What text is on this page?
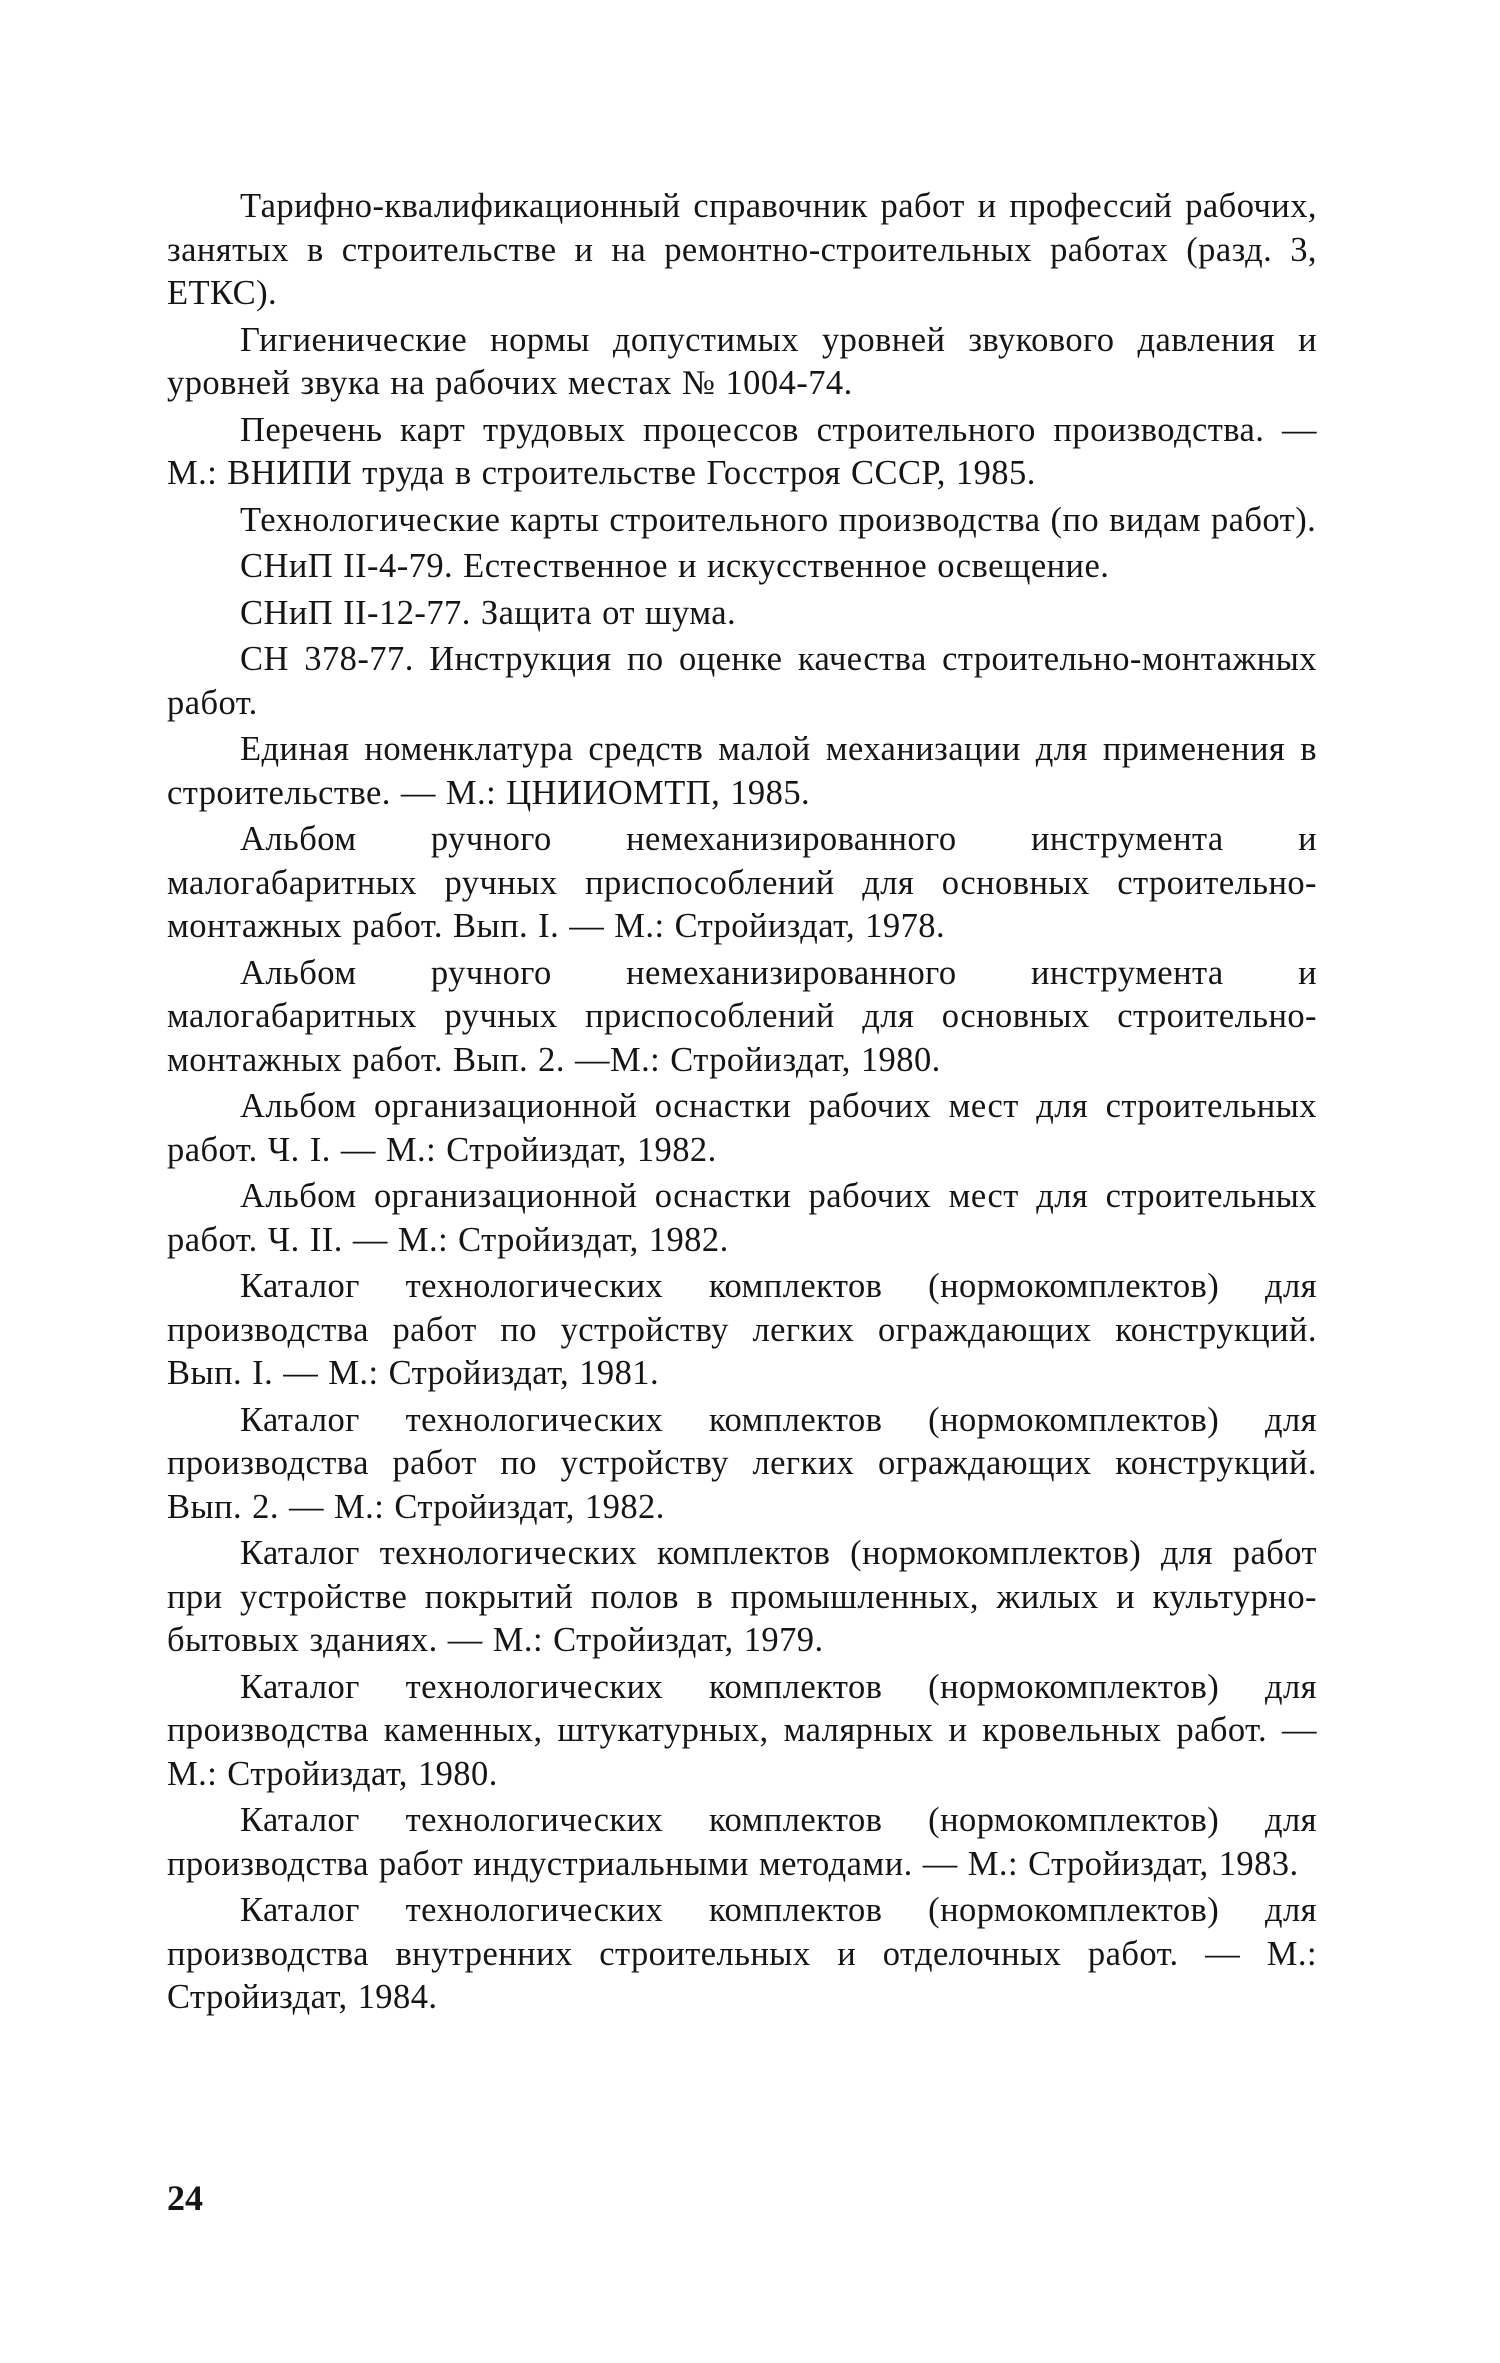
Тарифно-квалификационный справочник работ и профессий рабочих, занятых в строительстве и на ремонтно-строительных работах (разд. 3, ЕТКС).

Гигиенические нормы допустимых уровней звукового давления и уровней звука на рабочих местах № 1004-74.

Перечень карт трудовых процессов строительного производства. — М.: ВНИПИ труда в строительстве Госстроя СССР, 1985.

Технологические карты строительного производства (по видам работ).

СНиП II-4-79. Естественное и искусственное освещение.

СНиП II-12-77. Защита от шума.

СН 378-77. Инструкция по оценке качества строительно-монтажных работ.

Единая номенклатура средств малой механизации для применения в строительстве. — М.: ЦНИИОМТП, 1985.

Альбом ручного немеханизированного инструмента и малогабаритных ручных приспособлений для основных строительно-монтажных работ. Вып. I. — М.: Стройиздат, 1978.

Альбом ручного немеханизированного инструмента и малогабаритных ручных приспособлений для основных строительно-монтажных работ. Вып. 2. —М.: Стройиздат, 1980.

Альбом организационной оснастки рабочих мест для строительных работ. Ч. I. — М.: Стройиздат, 1982.

Альбом организационной оснастки рабочих мест для строительных работ. Ч. II. — М.: Стройиздат, 1982.

Каталог технологических комплектов (нормокомплектов) для производства работ по устройству легких ограждающих конструкций. Вып. I. — М.: Стройиздат, 1981.

Каталог технологических комплектов (нормокомплектов) для производства работ по устройству легких ограждающих конструкций. Вып. 2. — М.: Стройиздат, 1982.

Каталог технологических комплектов (нормокомплектов) для работ при устройстве покрытий полов в промышленных, жилых и культурно-бытовых зданиях. — М.: Стройиздат, 1979.

Каталог технологических комплектов (нормокомплектов) для производства каменных, штукатурных, малярных и кровельных работ. — М.: Стройиздат, 1980.

Каталог технологических комплектов (нормокомплектов) для производства работ индустриальными методами. — М.: Стройиздат, 1983.

Каталог технологических комплектов (нормокомплектов) для производства внутренних строительных и отделочных работ. — М.: Стройиздат, 1984.

24
